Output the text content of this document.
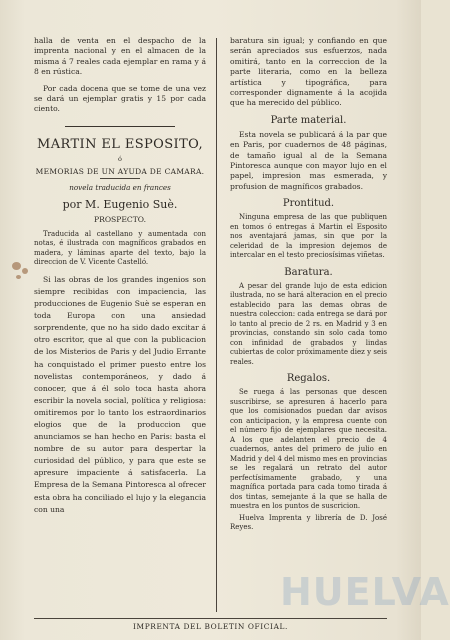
halla de venta en el despacho de la imprenta nacional y en el almacen de la misma á 7 reales cada ejemplar en rama y á 8 en rústica.

Por cada docena que se tome de una vez se dará un ejemplar gratis y 15 por cada ciento.

MARTIN EL ESPOSITO,

ó

MEMORIAS DE UN AYUDA DE CAMARA.

novela traducida en frances

por M. Eugenio Suè.

PROSPECTO.

Traducida al castellano y aumentada con notas, é ilustrada con magníficos grabados en madera, y láminas aparte del texto, bajo la direccion de V. Vicente Castelló.

Si las obras de los grandes ingenios son siempre recibidas con impaciencia, las producciones de Eugenio Suè se esperan en toda Europa con una ansiedad sorprendente, que no ha sido dado excitar á otro escritor, que al que con la publicacion de los Misterios de Paris y del Judio Errante ha conquistado el primer puesto entre los novelistas contemporáneos, y dado á conocer, que á él solo toca hasta ahora escribir la novela social, política y religiosa: omitiremos por lo tanto los estraordinarios elogios que de la produccion que anunciamos se han hecho en Paris: basta el nombre de su autor para despertar la curiosidad del público, y para que este se apresure impaciente á satisfacerla. La Empresa de la Semana Pintoresca al ofrecer esta obra ha conciliado el lujo y la elegancia con una

baratura sin igual; y confiando en que serán apreciados sus esfuerzos, nada omitirá, tanto en la correccion de la parte literaria, como en la belleza artística y tipográfica, para corresponder dignamente á la acojida que ha merecido del público.

Parte material.

Esta novela se publicará á la par que en Paris, por cuadernos de 48 páginas, de tamaño igual al de la Semana Pintoresca aunque con mayor lujo en el papel, impresion mas esmerada, y profusion de magníficos grabados.

Prontitud.

Ninguna empresa de las que publiquen en tomos ó entregas á Martin el Esposito nos aventajará jamas, sin que por la celeridad de la impresion dejemos de intercalar en el testo preciosísimas viñetas.

Baratura.

A pesar del grande lujo de esta edicion ilustrada, no se hará alteracion en el precio establecido para las demas obras de nuestra coleccion: cada entrega se dará por lo tanto al precio de 2 rs. en Madrid y 3 en provincias, constando sin solo cada tomo con infinidad de grabados y lindas cubiertas de color próximamente diez y seis reales.

Regalos.

Se ruega á las personas que descen suscribirse, se apresuren á hacerlo para que los comisionados puedan dar avisos con anticipacion, y la empresa cuente con el número fijo de ejemplares que necesita. A los que adelanten el precio de 4 cuadernos, antes del primero de julio en Madrid y del 4 del mismo mes en provincias se les regalará un retrato del autor perfectísimamente grabado, y una magnífica portada para cada tomo tirada á dos tintas, semejante á la que se halla de muestra en los puntos de suscricion.

Huelva Imprenta y librería de D. José Reyes.

HUELVA

IMPRENTA DEL BOLETIN OFICIAL.
